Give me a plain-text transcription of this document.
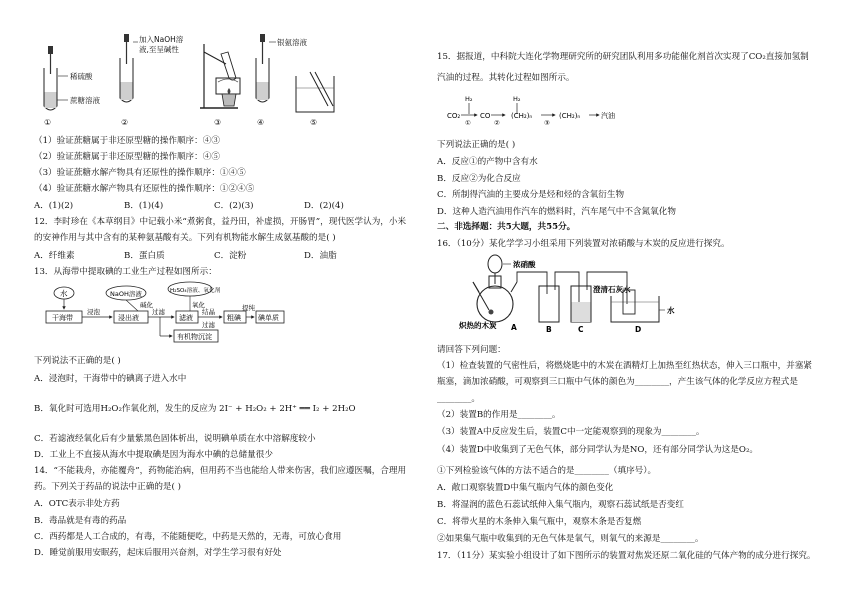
稀硫酸
蔗糖溶液
加入NaOH溶
液,至呈碱性
银氨溶液
①	②	③	④	⑤
（1）验证蔗糖属于非还原型糖的操作顺序：④③
（2）验证蔗糖属于非还原型糖的操作顺序：④⑤
（3）验证蔗糖水解产物具有还原性的操作顺序：①④⑤
（4）验证蔗糖水解产物具有还原性的操作顺序：①②④⑤
A．(1)(2)	B．(1)(4)	C．(2)(3)	D．(2)(4)
12．李时珍在《本草纲目》中记载小米“煮粥食，益丹田，补虚损，开肠胃”，现代医学认为，小米
的安神作用与其中含有的某种氨基酸有关。下列有机物能水解生成氨基酸的是( )
A．纤维素	B．蛋白质	C．淀粉	D．油脂
13．从海带中提取碘的工业生产过程如图所示：
水
干海带
浸泡
浸出液
NaOH溶液
碱化
过滤
滤液
H₂SO₄溶液、氧化剂
氧化
结晶
过滤
粗碘
提纯
碘单质
有机物沉淀
下列说法不正确的是( )
A．浸泡时，干海带中的碘离子进入水中
B．氧化时可选用H₂O₂作氧化剂，发生的反应为 2I⁻ + H₂O₂ + 2H⁺ ══ I₂ + 2H₂O
C．若滤液经氧化后有少量紫黑色固体析出，说明碘单质在水中溶解度较小
D．工业上不直接从海水中提取碘是因为海水中碘的总储量很少
14．“不能栽舟，亦能覆舟”，药物能治病，但用药不当也能给人带来伤害，我们应遵医嘱，合理用
药。下列关于药品的说法中正确的是( )
A．OTC表示非处方药
B．毒品就是有毒的药品
C．西药都是人工合成的，有毒，不能随便吃，中药是天然的，无毒，可放心食用
D．睡觉前服用安眠药，起床后服用兴奋剂，对学生学习很有好处
15．据报道，中科院大连化学物理研究所的研究团队利用多功能催化剂首次实现了CO₂直接加氢制
汽油的过程。其转化过程如图所示。
H₂	H₂
CO₂
①
CO
②
(CH₂)ₙ
③
(CH₂)ₙ	汽油
下列说法正确的是( )
A．反应①的产物中含有水
B．反应②为化合反应
C．所制得汽油的主要成分是烃和烃的含氧衍生物
D．这种人造汽油用作汽车的燃料时，汽车尾气中不含氮氧化物
二、非选择题：共5大题，共55分。
16．（10分）某化学学习小组采用下列装置对浓硝酸与木炭的反应进行探究。
浓硝酸
炽热的木炭
澄清石灰水
水
A	B	C	D
请回答下列问题：
（1）检查装置的气密性后，将燃烧匙中的木炭在酒精灯上加热至红热状态，伸入三口瓶中，并塞紧
瓶塞，滴加浓硝酸，可观察到三口瓶中气体的颜色为________，产生该气体的化学反应方程式是
________。
（2）装置B的作用是________。
（3）装置A中反应发生后，装置C中一定能观察到的现象为________。
（4）装置D中收集到了无色气体，部分同学认为是NO，还有部分同学认为这是O₂。
①下列检验该气体的方法不适合的是________（填序号）。
A．敞口观察装置D中集气瓶内气体的颜色变化
B．将湿润的蓝色石蕊试纸伸入集气瓶内，观察石蕊试纸是否变红
C．将带火星的木条伸入集气瓶中，观察木条是否复燃
②如果集气瓶中收集到的无色气体是氧气，则氧气的来源是________。
17．（11分）某实验小组设计了如下图所示的装置对焦炭还原二氧化硅的气体产物的成分进行探究。
